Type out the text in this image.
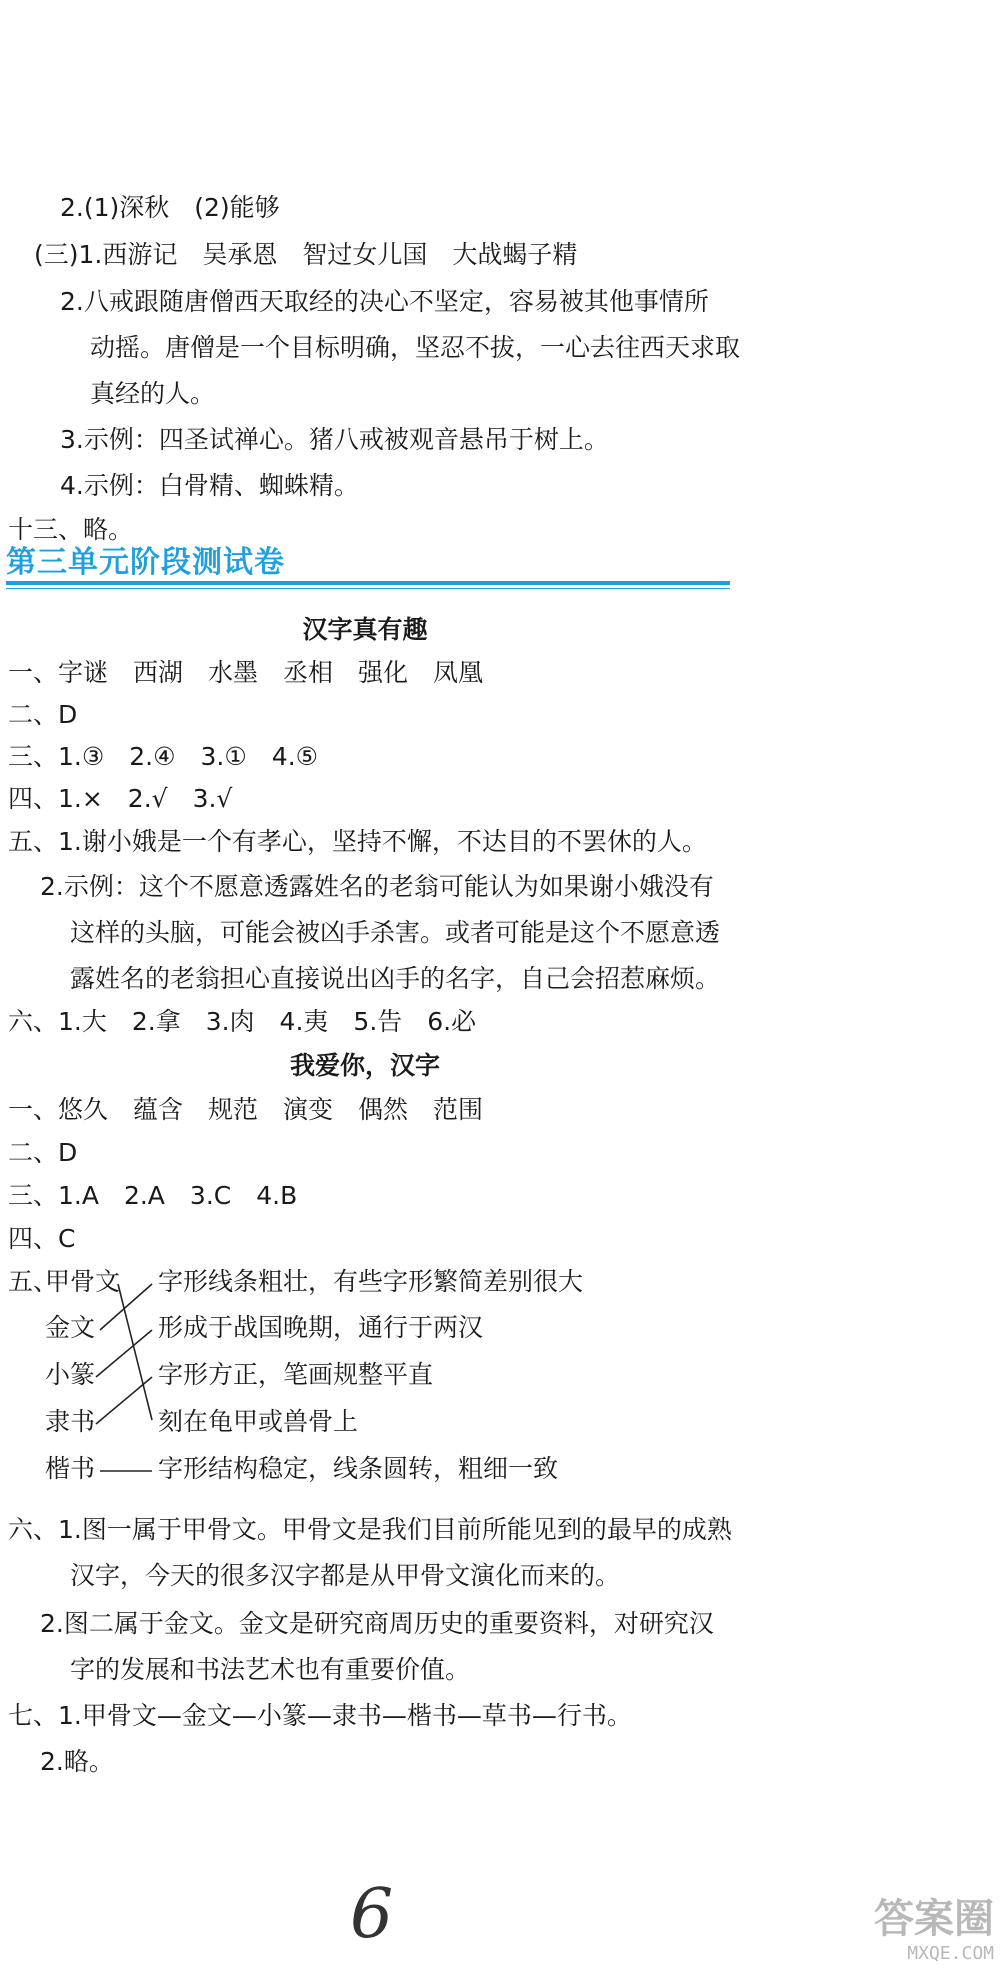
2.(1)深秋　(2)能够
(三)1.西游记　吴承恩　智过女儿国　大战蝎子精
2.八戒跟随唐僧西天取经的决心不坚定，容易被其他事情所
动摇。唐僧是一个目标明确，坚忍不拔，一心去往西天求取
真经的人。
3.示例：四圣试禅心。猪八戒被观音悬吊于树上。
4.示例：白骨精、蜘蛛精。
十三、略。
第三单元阶段测试卷
汉字真有趣
一、字谜　西湖　水墨　丞相　强化　凤凰
二、D
三、1.③　2.④　3.①　4.⑤
四、1.×　2.√　3.√
五、1.谢小娥是一个有孝心，坚持不懈，不达目的不罢休的人。
2.示例：这个不愿意透露姓名的老翁可能认为如果谢小娥没有
这样的头脑，可能会被凶手杀害。或者可能是这个不愿意透
露姓名的老翁担心直接说出凶手的名字，自己会招惹麻烦。
六、1.大　2.拿　3.肉　4.夷　5.告　6.必
我爱你，汉字
一、悠久　蕴含　规范　演变　偶然　范围
二、D
三、1.A　2.A　3.C　4.B
四、C
五、
甲骨文
金文
小篆
隶书
楷书
字形线条粗壮，有些字形繁简差别很大
形成于战国晚期，通行于两汉
字形方正，笔画规整平直
刻在龟甲或兽骨上
字形结构稳定，线条圆转，粗细一致
六、1.图一属于甲骨文。甲骨文是我们目前所能见到的最早的成熟
汉字，今天的很多汉字都是从甲骨文演化而来的。
2.图二属于金文。金文是研究商周历史的重要资料，对研究汉
字的发展和书法艺术也有重要价值。
七、1.甲骨文—金文—小篆—隶书—楷书—草书—行书。
2.略。
6	答案圈
MXQE.COM
